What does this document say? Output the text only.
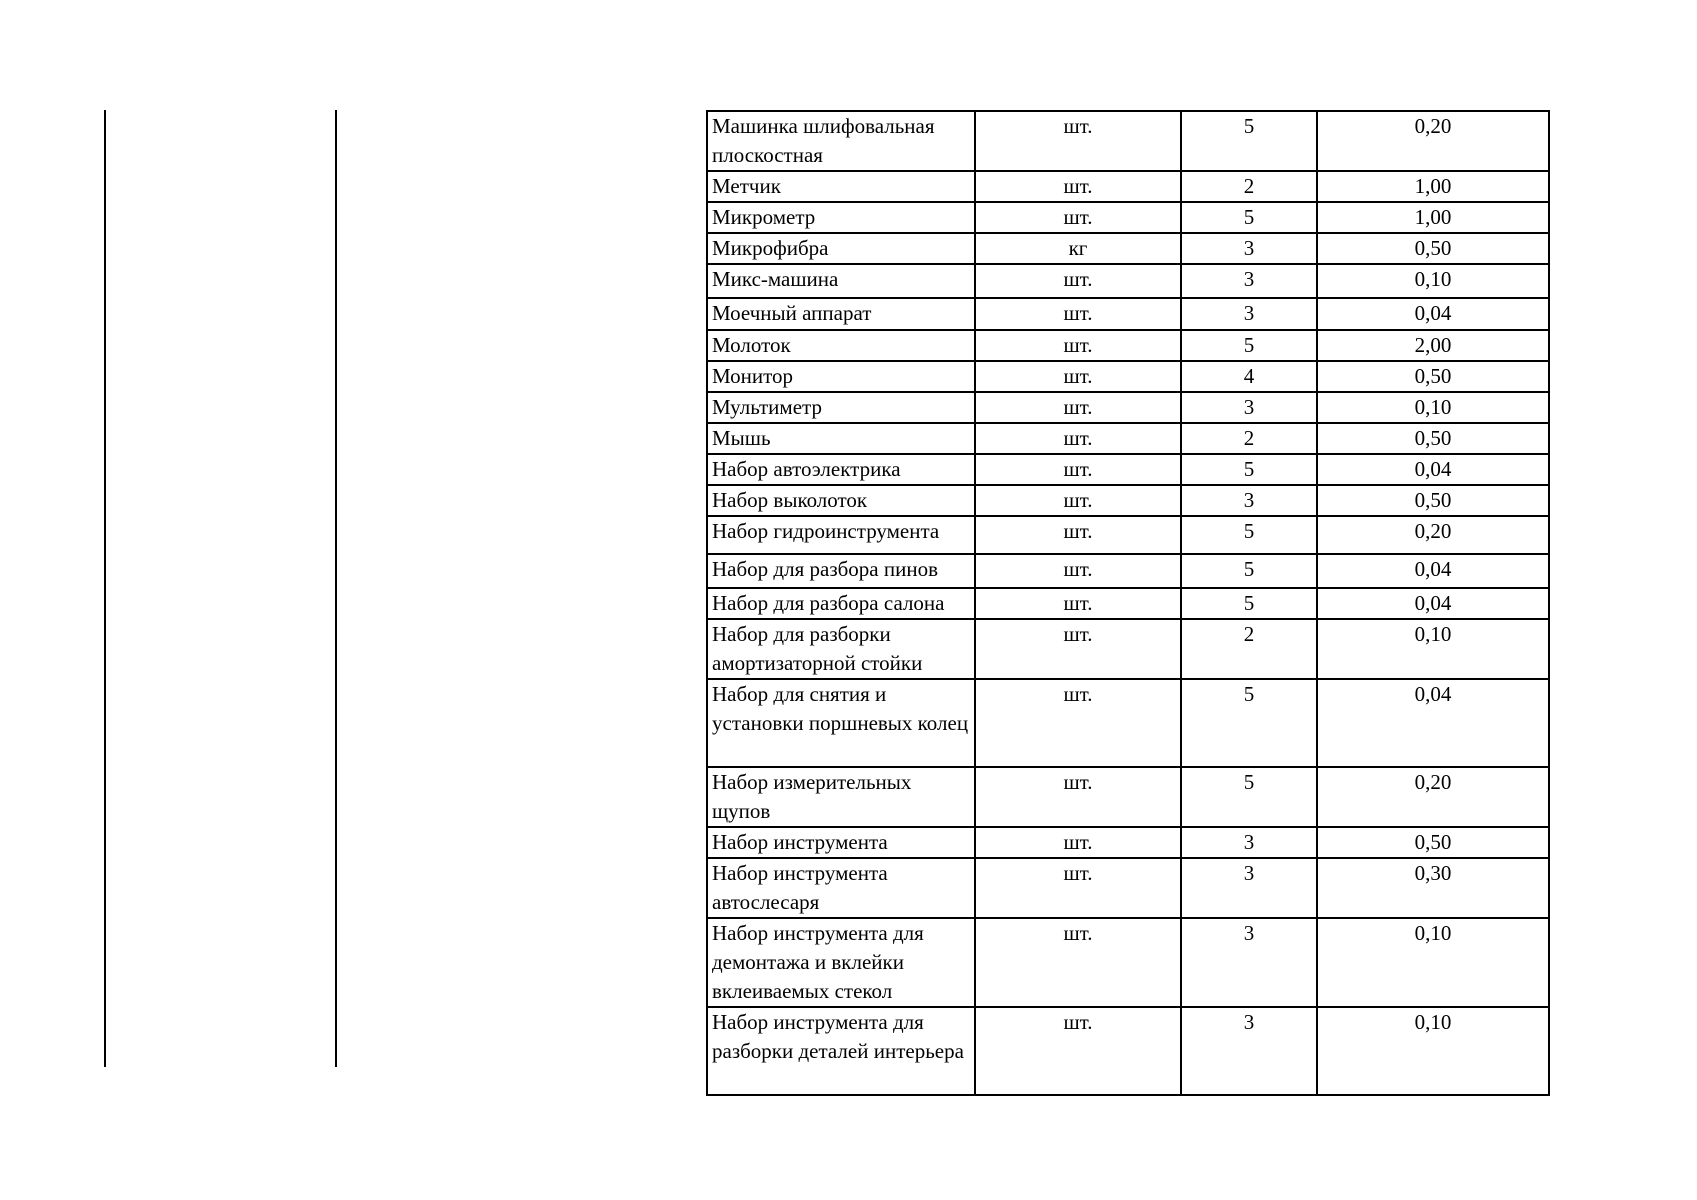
Машинка шлифовальная плоскостная	шт.	5	0,20
Метчик	шт.	2	1,00
Микрометр	шт.	5	1,00
Микрофибра	кг	3	0,50
Микс-машина	шт.	3	0,10
Моечный аппарат	шт.	3	0,04
Молоток	шт.	5	2,00
Монитор	шт.	4	0,50
Мультиметр	шт.	3	0,10
Мышь	шт.	2	0,50
Набор автоэлектрика	шт.	5	0,04
Набор выколоток	шт.	3	0,50
Набор гидроинструмента	шт.	5	0,20
Набор для разбора пинов	шт.	5	0,04
Набор для разбора салона	шт.	5	0,04
Набор для разборки амортизаторной стойки	шт.	2	0,10
Набор для снятия и установки поршневых колец	шт.	5	0,04
Набор измерительных щупов	шт.	5	0,20
Набор инструмента	шт.	3	0,50
Набор инструмента автослесаря	шт.	3	0,30
Набор инструмента для демонтажа и вклейки вклеиваемых стекол	шт.	3	0,10
Набор инструмента для разборки деталей интерьера	шт.	3	0,10
